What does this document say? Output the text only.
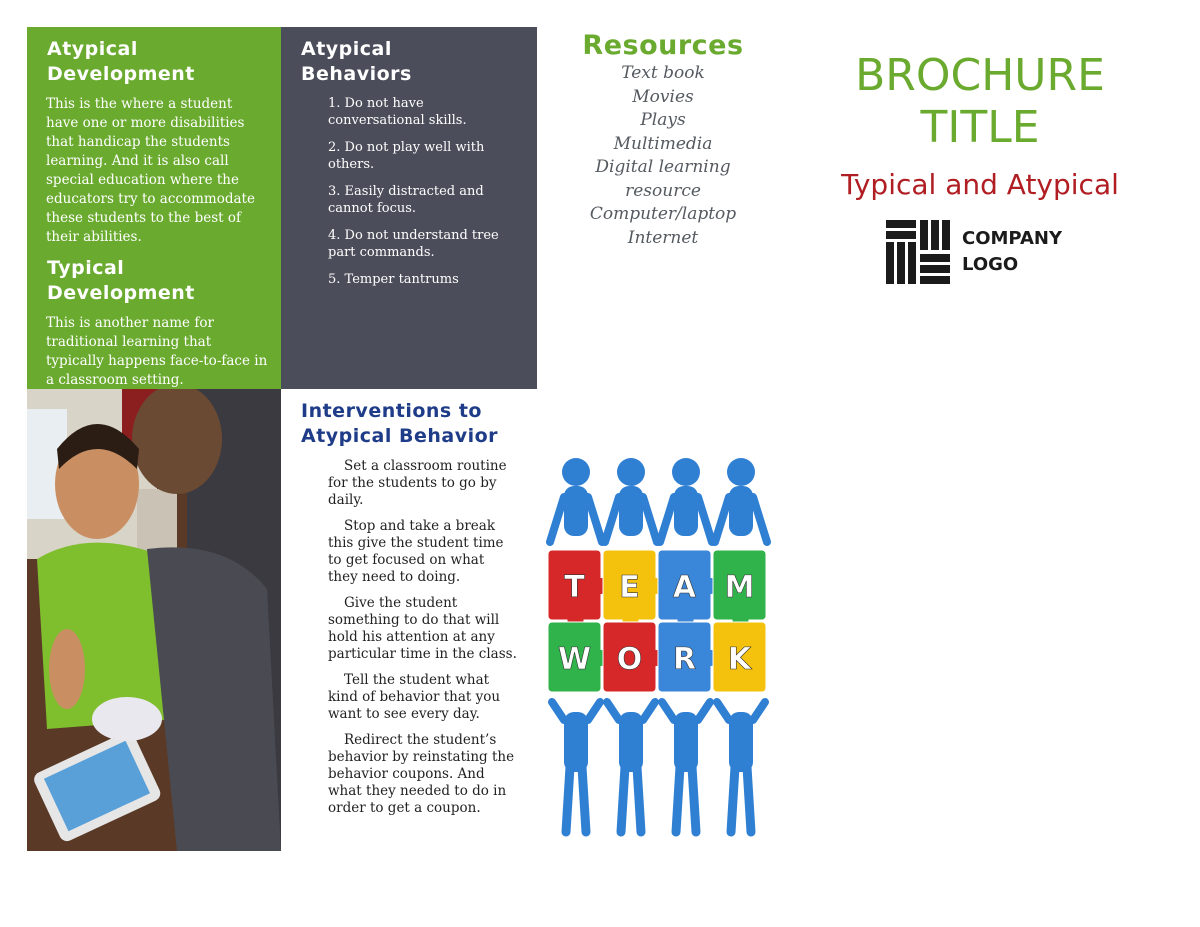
Atypical Development
This is the where a student have one or more disabilities that handicap the students learning. And it is also call special education where the educators try to accommodate these students to the best of their abilities.
Typical Development
This is another name for traditional learning that typically happens face-to-face in a classroom setting.
Atypical Behaviors
1. Do not have conversational skills.
2. Do not play well with others.
3. Easily distracted and cannot focus.
4. Do not understand tree part commands.
5. Temper tantrums
Interventions to Atypical Behavior

Set a classroom routine for the students to go by daily.

Stop and take a break this give the student time to get focused on what they need to doing.

Give the student something to do that will hold his attention at any particular time in the class.

Tell the student what kind of behavior that you want to see every day.

Redirect the student’s behavior by reinstating the behavior coupons. And what they needed to do in order to get a coupon.

Resources
Text book
Movies
Plays
Multimedia
Digital learning
resource
Computer/laptop
Internet
T E A M
W O R K
BROCHURE TITLE
Typical and Atypical
COMPANY
LOGO
